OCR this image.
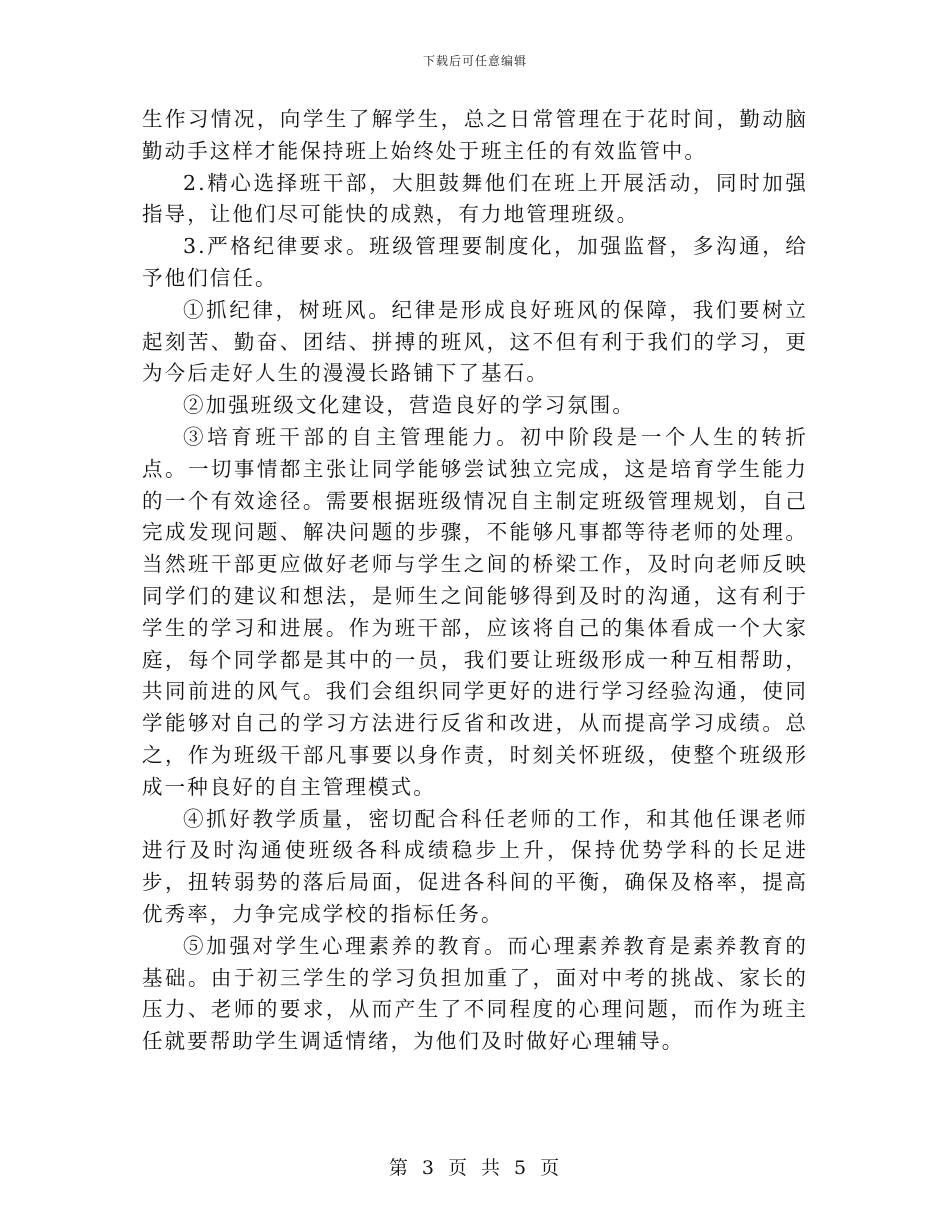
下载后可任意编辑

生作习情况，向学生了解学生，总之日常管理在于花时间，勤动脑勤动手这样才能保持班上始终处于班主任的有效监管中。

2.精心选择班干部，大胆鼓舞他们在班上开展活动，同时加强指导，让他们尽可能快的成熟，有力地管理班级。

3.严格纪律要求。班级管理要制度化，加强监督，多沟通，给予他们信任。

①抓纪律，树班风。纪律是形成良好班风的保障，我们要树立起刻苦、勤奋、团结、拼搏的班风，这不但有利于我们的学习，更为今后走好人生的漫漫长路铺下了基石。

②加强班级文化建设，营造良好的学习氛围。

③培育班干部的自主管理能力。初中阶段是一个人生的转折点。一切事情都主张让同学能够尝试独立完成，这是培育学生能力的一个有效途径。需要根据班级情况自主制定班级管理规划，自己完成发现问题、解决问题的步骤，不能够凡事都等待老师的处理。当然班干部更应做好老师与学生之间的桥梁工作，及时向老师反映同学们的建议和想法，是师生之间能够得到及时的沟通，这有利于学生的学习和进展。作为班干部，应该将自己的集体看成一个大家庭，每个同学都是其中的一员，我们要让班级形成一种互相帮助，共同前进的风气。我们会组织同学更好的进行学习经验沟通，使同学能够对自己的学习方法进行反省和改进，从而提高学习成绩。总之，作为班级干部凡事要以身作责，时刻关怀班级，使整个班级形成一种良好的自主管理模式。

④抓好教学质量，密切配合科任老师的工作，和其他任课老师进行及时沟通使班级各科成绩稳步上升，保持优势学科的长足进步，扭转弱势的落后局面，促进各科间的平衡，确保及格率，提高优秀率，力争完成学校的指标任务。

⑤加强对学生心理素养的教育。而心理素养教育是素养教育的基础。由于初三学生的学习负担加重了，面对中考的挑战、家长的压力、老师的要求，从而产生了不同程度的心理问题，而作为班主任就要帮助学生调适情绪，为他们及时做好心理辅导。

第 3 页 共 5 页
